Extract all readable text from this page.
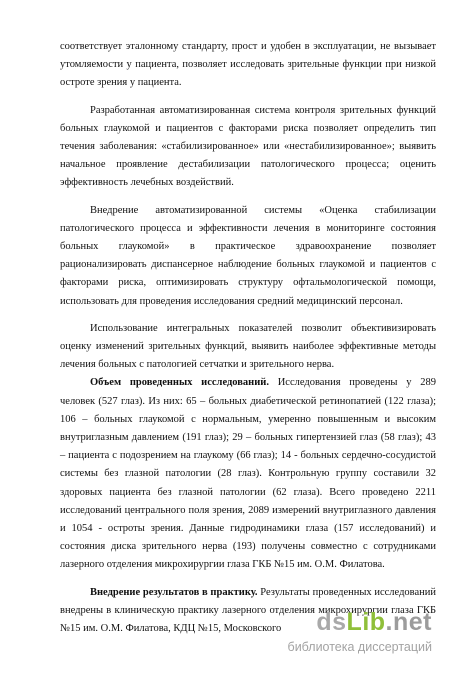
соответствует эталонному стандарту, прост и удобен в эксплуатации, не вызывает утомляемости у пациента, позволяет исследовать зрительные функции при низкой остроте зрения у пациента.

Разработанная автоматизированная система контроля зрительных функций больных глаукомой и пациентов с факторами риска позволяет определить тип течения заболевания: «стабилизированное» или «нестабилизированное»; выявить начальное проявление дестабилизации патологического процесса; оценить эффективность лечебных воздействий.

Внедрение автоматизированной системы «Оценка стабилизации патологического процесса и эффективности лечения в мониторинге состояния больных глаукомой» в практическое здравоохранение позволяет рационализировать диспансерное наблюдение больных глаукомой и пациентов с факторами риска, оптимизировать структуру офтальмологической помощи, использовать для проведения исследования средний медицинский персонал.

Использование интегральных показателей позволит объективизировать оценку изменений зрительных функций, выявить наиболее эффективные методы лечения больных с патологией сетчатки и зрительного нерва.

Объем проведенных исследований. Исследования проведены у 289 человек (527 глаз). Из них: 65 – больных диабетической ретинопатией (122 глаза); 106 – больных глаукомой с нормальным, умеренно повышенным и высоким внутриглазным давлением (191 глаз); 29 – больных гипертензией глаз (58 глаз); 43 – пациента с подозрением на глаукому (66 глаз); 14 - больных сердечно-сосудистой системы без глазной патологии (28 глаз). Контрольную группу составили 32 здоровых пациента без глазной патологии (62 глаза). Всего проведено 2211 исследований центрального поля зрения, 2089 измерений внутриглазного давления и 1054 - остроты зрения. Данные гидродинамики глаза (157 исследований) и состояния диска зрительного нерва (193) получены совместно с сотрудниками лазерного отделения микрохирургии глаза ГКБ №15 им. О.М. Филатова.

Внедрение результатов в практику. Результаты проведенных исследований внедрены в клиническую практику лазерного отделения микрохирургии глаза ГКБ №15 им. О.М. Филатова, КДЦ №15, Московского	dsLib.net
библиотека диссертаций
